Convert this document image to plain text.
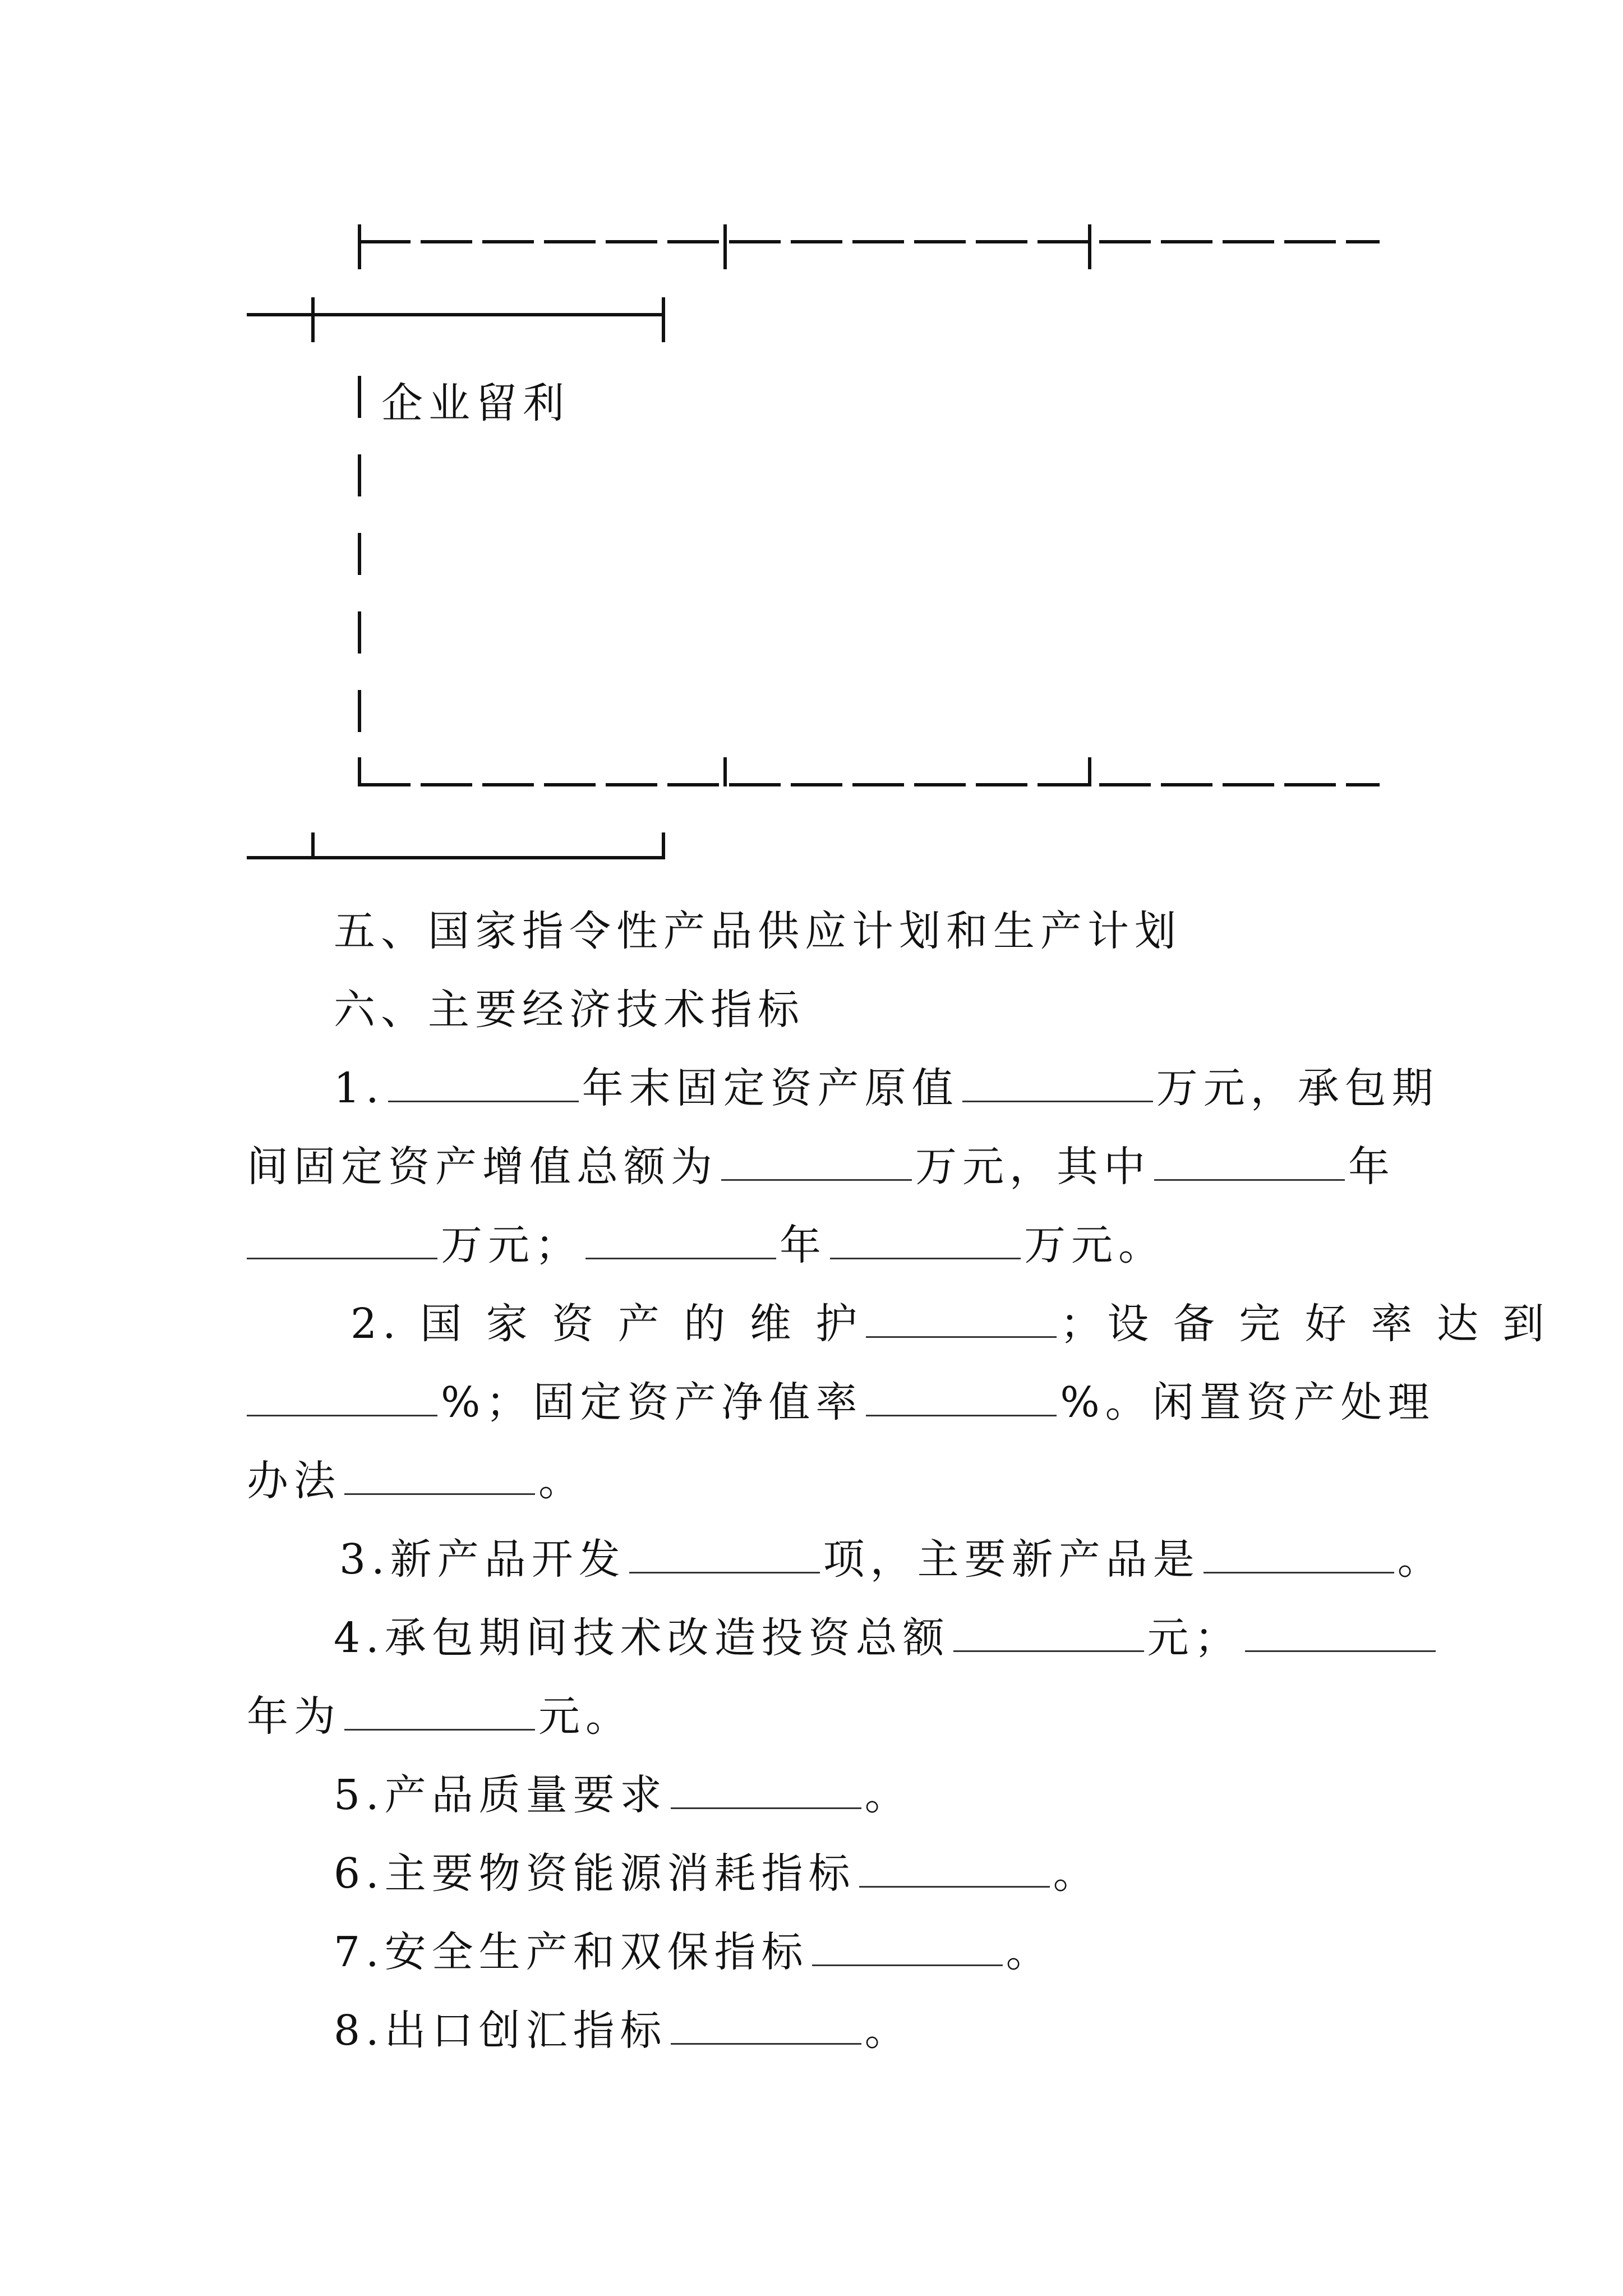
企业留利
五、国家指令性产品供应计划和生产计划
六、主要经济技术指标
1.	年末固定资产原值	万元，承包期
间固定资产增值总额为	万元，其中	年
万元；	年	万元。
2. 国 家 资 产 的 维 护	；设 备 完 好 率 达 到
%；固定资产净值率	%。闲置资产处理
办法	。
3.新产品开发	项，主要新产品是	。
4.承包期间技术改造投资总额	元；
年为	元。
5.产品质量要求	。
6.主要物资能源消耗指标	。
7.安全生产和双保指标	。
8.出口创汇指标	。
